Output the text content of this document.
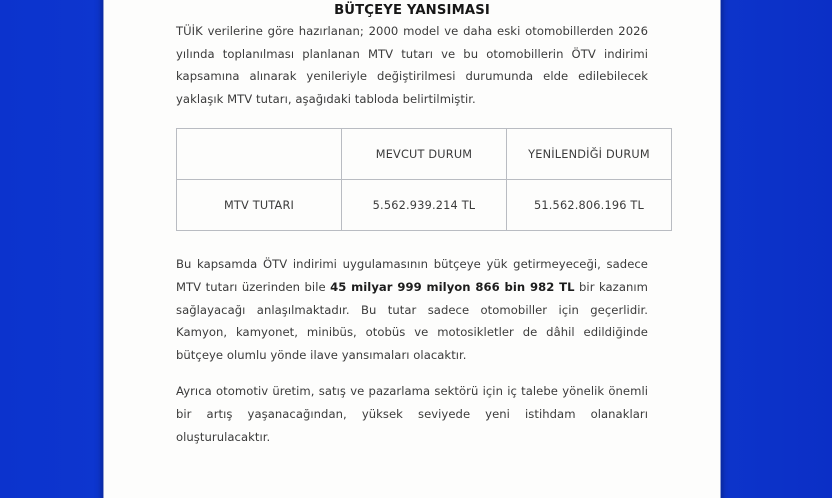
BÜTÇEYE YANSIMASI

TÜİK verilerine göre hazırlanan; 2000 model ve daha eski otomobillerden 2026 yılında toplanılması planlanan MTV tutarı ve bu otomobillerin ÖTV indirimi kapsamına alınarak yenileriyle değiştirilmesi durumunda elde edilebilecek yaklaşık MTV tutarı, aşağıdaki tabloda belirtilmiştir.

	MEVCUT DURUM	YENİLENDİĞİ DURUM
MTV TUTARI	5.562.939.214 TL	51.562.806.196 TL

Bu kapsamda ÖTV indirimi uygulamasının bütçeye yük getirmeyeceği, sadece MTV tutarı üzerinden bile 45 milyar 999 milyon 866 bin 982 TL bir kazanım sağlayacağı anlaşılmaktadır. Bu tutar sadece otomobiller için geçerlidir. Kamyon, kamyonet, minibüs, otobüs ve motosikletler de dâhil edildiğinde bütçeye olumlu yönde ilave yansımaları olacaktır.

Ayrıca otomotiv üretim, satış ve pazarlama sektörü için iç talebe yönelik önemli bir artış yaşanacağından, yüksek seviyede yeni istihdam olanakları oluşturulacaktır.
